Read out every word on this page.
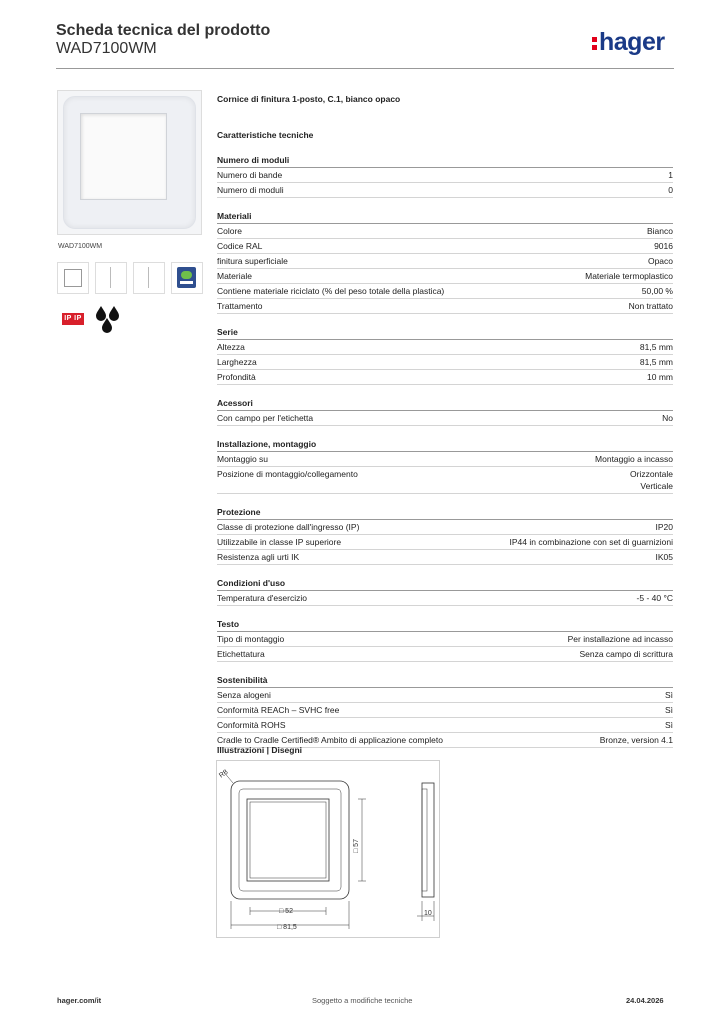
Scheda tecnica del prodotto
WAD7100WM	hager
WAD7100WM
IP IP
Cornice di finitura 1-posto, C.1, bianco opaco
Caratteristiche tecniche
Numero di moduli
Numero di bande	1
Numero di moduli	0
Materiali
Colore	Bianco
Codice RAL	9016
finitura superficiale	Opaco
Materiale	Materiale termoplastico
Contiene materiale riciclato (% del peso totale della plastica)	50,00 %
Trattamento	Non trattato
Serie
Altezza	81,5 mm
Larghezza	81,5 mm
Profondità	10 mm
Acessori
Con campo per l'etichetta	No
Installazione, montaggio
Montaggio su	Montaggio a incasso
Posizione di montaggio/collegamento	Orizzontale
Verticale
Protezione
Classe di protezione dall'ingresso (IP)	IP20
Utilizzabile in classe IP superiore	IP44 in combinazione con set di guarnizioni
Resistenza agli urti IK	IK05
Condizioni d'uso
Temperatura d'esercizio	-5 - 40 °C
Testo
Tipo di montaggio	Per installazione ad incasso
Etichettatura	Senza campo di scrittura
Sostenibilità
Senza alogeni	Sì
Conformità REACh – SVHC free	Sì
Conformità ROHS	Sì
Cradle to Cradle Certified® Ambito di applicazione completo	Bronze, version 4.1
Illustrazioni | Disegni
R8
□ 52
□ 81,5
□ 57
10
hager.com/it	Soggetto a modifiche tecniche	24.04.2026
